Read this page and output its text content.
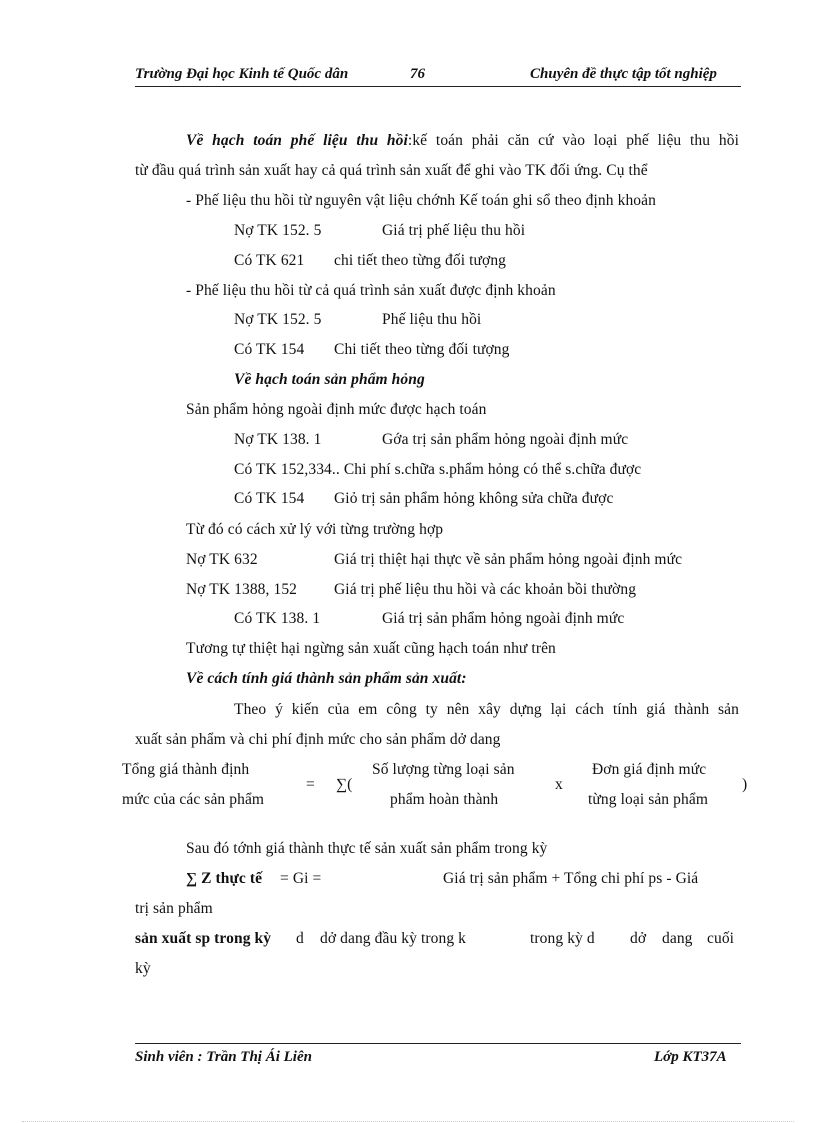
Trường Đại học Kinh tế Quốc dân	76	Chuyên đề thực tập tốt nghiệp
Về hạch toán phế liệu thu hồi:kế toán phải căn cứ vào loại phế liệu thu hồi
từ đầu quá trình sản xuất hay cả quá trình sản xuất để ghi vào TK đối ứng. Cụ thể
- Phế liệu thu hồi từ nguyên vật liệu chớnh Kế toán ghi sổ theo định khoản
Nợ TK 152. 5	Giá trị phế liệu thu hồi
Có TK 621 chi tiết theo từng đối tượng
- Phế liệu thu hồi từ cả quá trình sản xuất được định khoản
Nợ TK 152. 5	Phế liệu thu hồi
Có TK 154 Chi tiết theo từng đối tượng
Về hạch toán sản phẩm hỏng
Sản phẩm hỏng ngoài định mức được hạch toán
Nợ TK 138. 1	Gớa trị sản phẩm hỏng ngoài định mức
Có TK 152,334.. Chi phí s.chữa s.phẩm hỏng có thể s.chữa được
Có TK 154 Giỏ trị sản phẩm hỏng không sửa chữa được
Từ đó có cách xử lý với từng trường hợp
Nợ TK 632	Giá trị thiệt hại thực về sản phẩm hỏng ngoài định mức
Nợ TK 1388, 152 Giá trị phế liệu thu hồi và các khoản bồi thường
Có TK 138. 1	Giá trị sản phẩm hỏng ngoài định mức
Tương tự thiệt hại ngừng sản xuất cũng hạch toán như trên
Về cách tính giá thành sản phẩm sản xuất:
Theo ý kiến của em công ty nên xây dựng lại cách tính giá thành sản
xuất sản phẩm và chi phí định mức cho sản phẩm dở dang
Tổng giá thành định
mức của các sản phẩm
= ∑(
Số lượng từng loại sản
phẩm hoàn thành
x
Đơn giá định mức
từng loại sản phẩm
)
Sau đó tớnh giá thành thực tế sản xuất sản phẩm trong kỳ
∑ Z thực tế = Gi =	Giá trị sản phẩm + Tổng chi phí ps - Giá
trị sản phẩm
sản xuất sp trong kỳ d dở dang đầu kỳ trong k	trong kỳ d dở dang cuối
kỳ
Sinh viên : Trần Thị Ái Liên	Lớp KT37A
